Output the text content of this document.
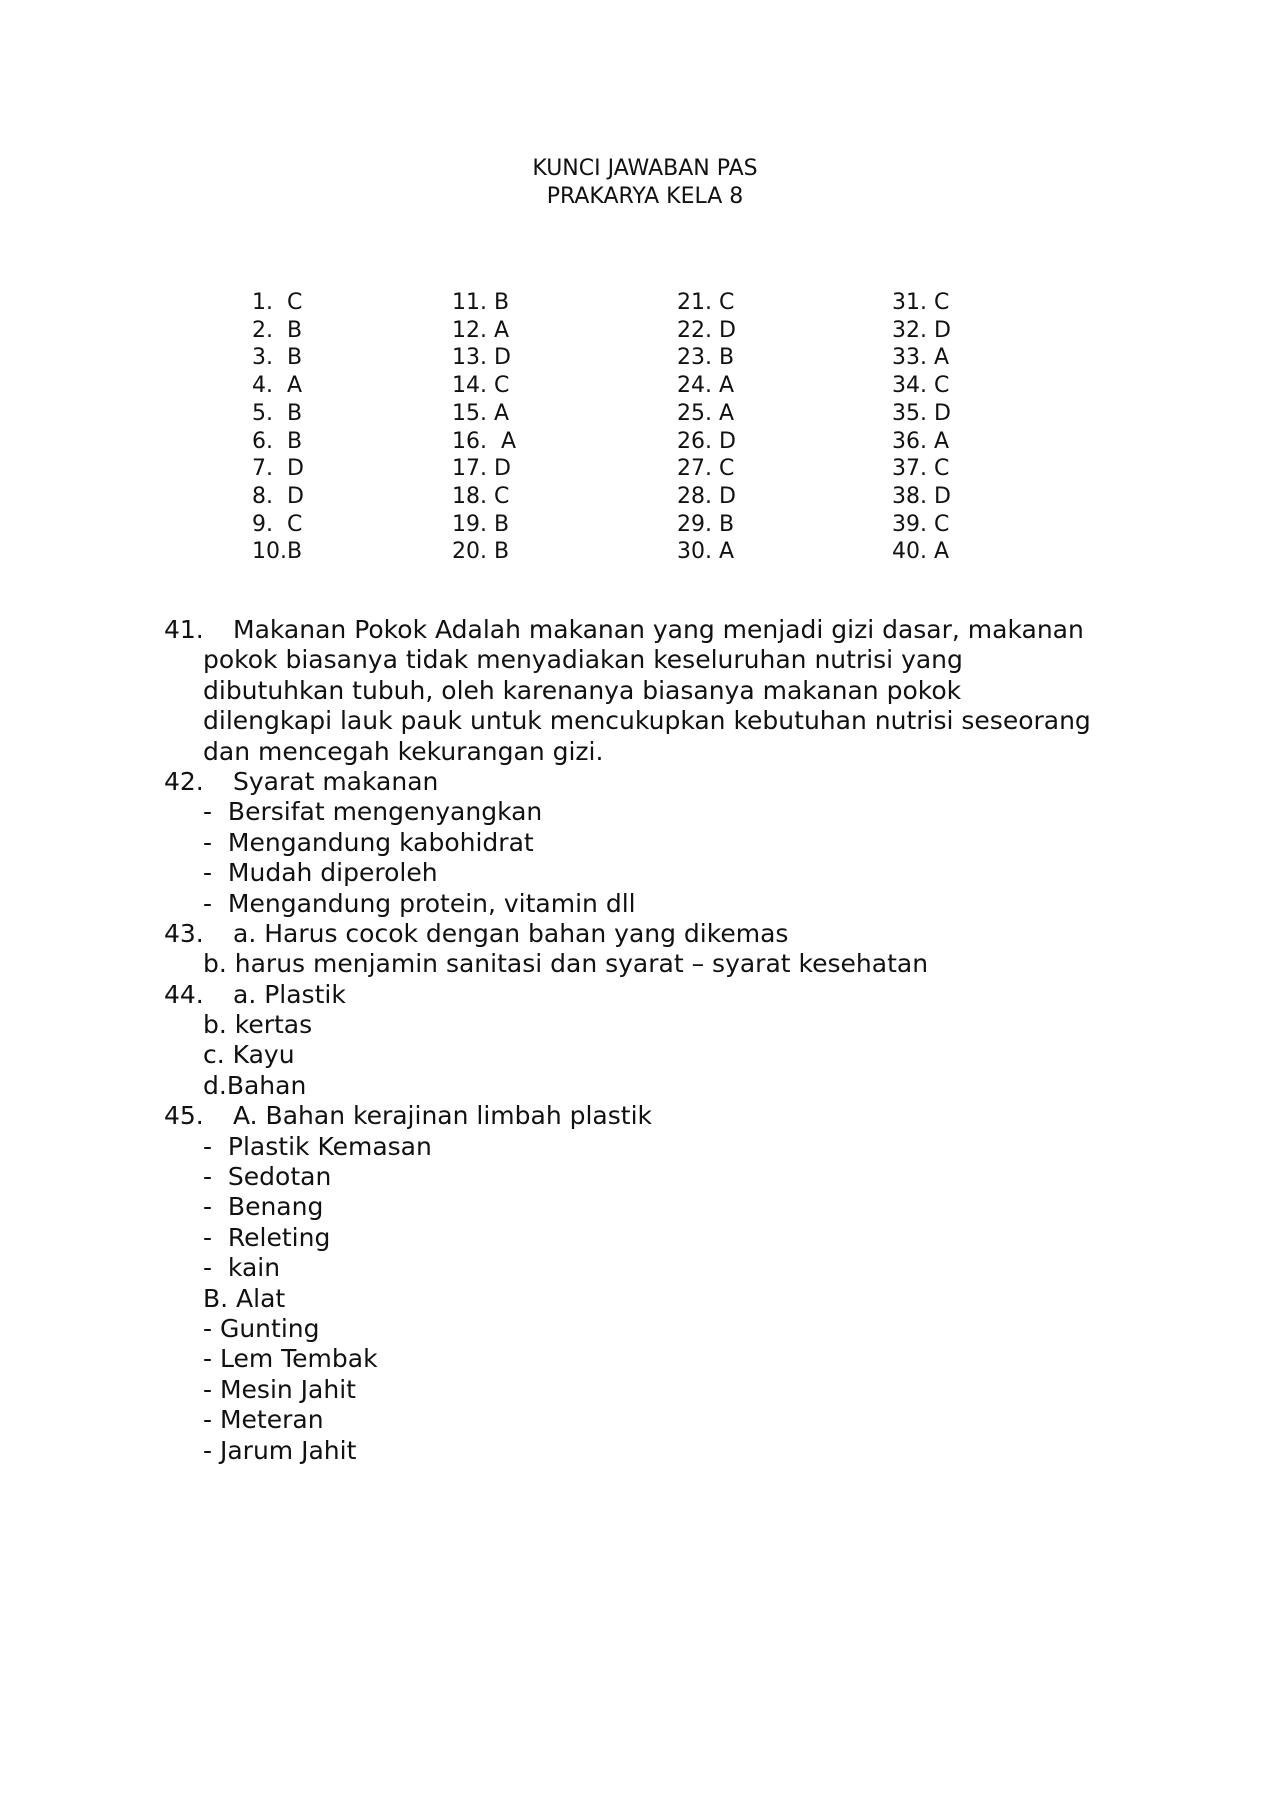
KUNCI JAWABAN PAS
PRAKARYA KELA 8
1.  C
2.  B
3.  B
4.  A
5.  B
6.  B
7.  D
8.  D
9.  C
10.B
11. B
12. A
13. D
14. C
15. A
16.  A
17. D
18. C
19. B
20. B
21. C
22. D
23. B
24. A
25. A
26. D
27. C
28. D
29. B
30. A
31. C
32. D
33. A
34. C
35. D
36. A
37. C
38. D
39. C
40. A
41. Makanan Pokok Adalah makanan yang menjadi gizi dasar, makanan
pokok biasanya tidak menyadiakan keseluruhan nutrisi yang
dibutuhkan tubuh, oleh karenanya biasanya makanan pokok
dilengkapi lauk pauk untuk mencukupkan kebutuhan nutrisi seseorang
dan mencegah kekurangan gizi.
42. Syarat makanan
-  Bersifat mengenyangkan
-  Mengandung kabohidrat
-  Mudah diperoleh
-  Mengandung protein, vitamin dll
43. a. Harus cocok dengan bahan yang dikemas
b. harus menjamin sanitasi dan syarat – syarat kesehatan
44. a. Plastik
b. kertas
c. Kayu
d.Bahan
45. A. Bahan kerajinan limbah plastik
-  Plastik Kemasan
-  Sedotan
-  Benang
-  Releting
-  kain
B. Alat
- Gunting
- Lem Tembak
- Mesin Jahit
- Meteran
- Jarum Jahit
